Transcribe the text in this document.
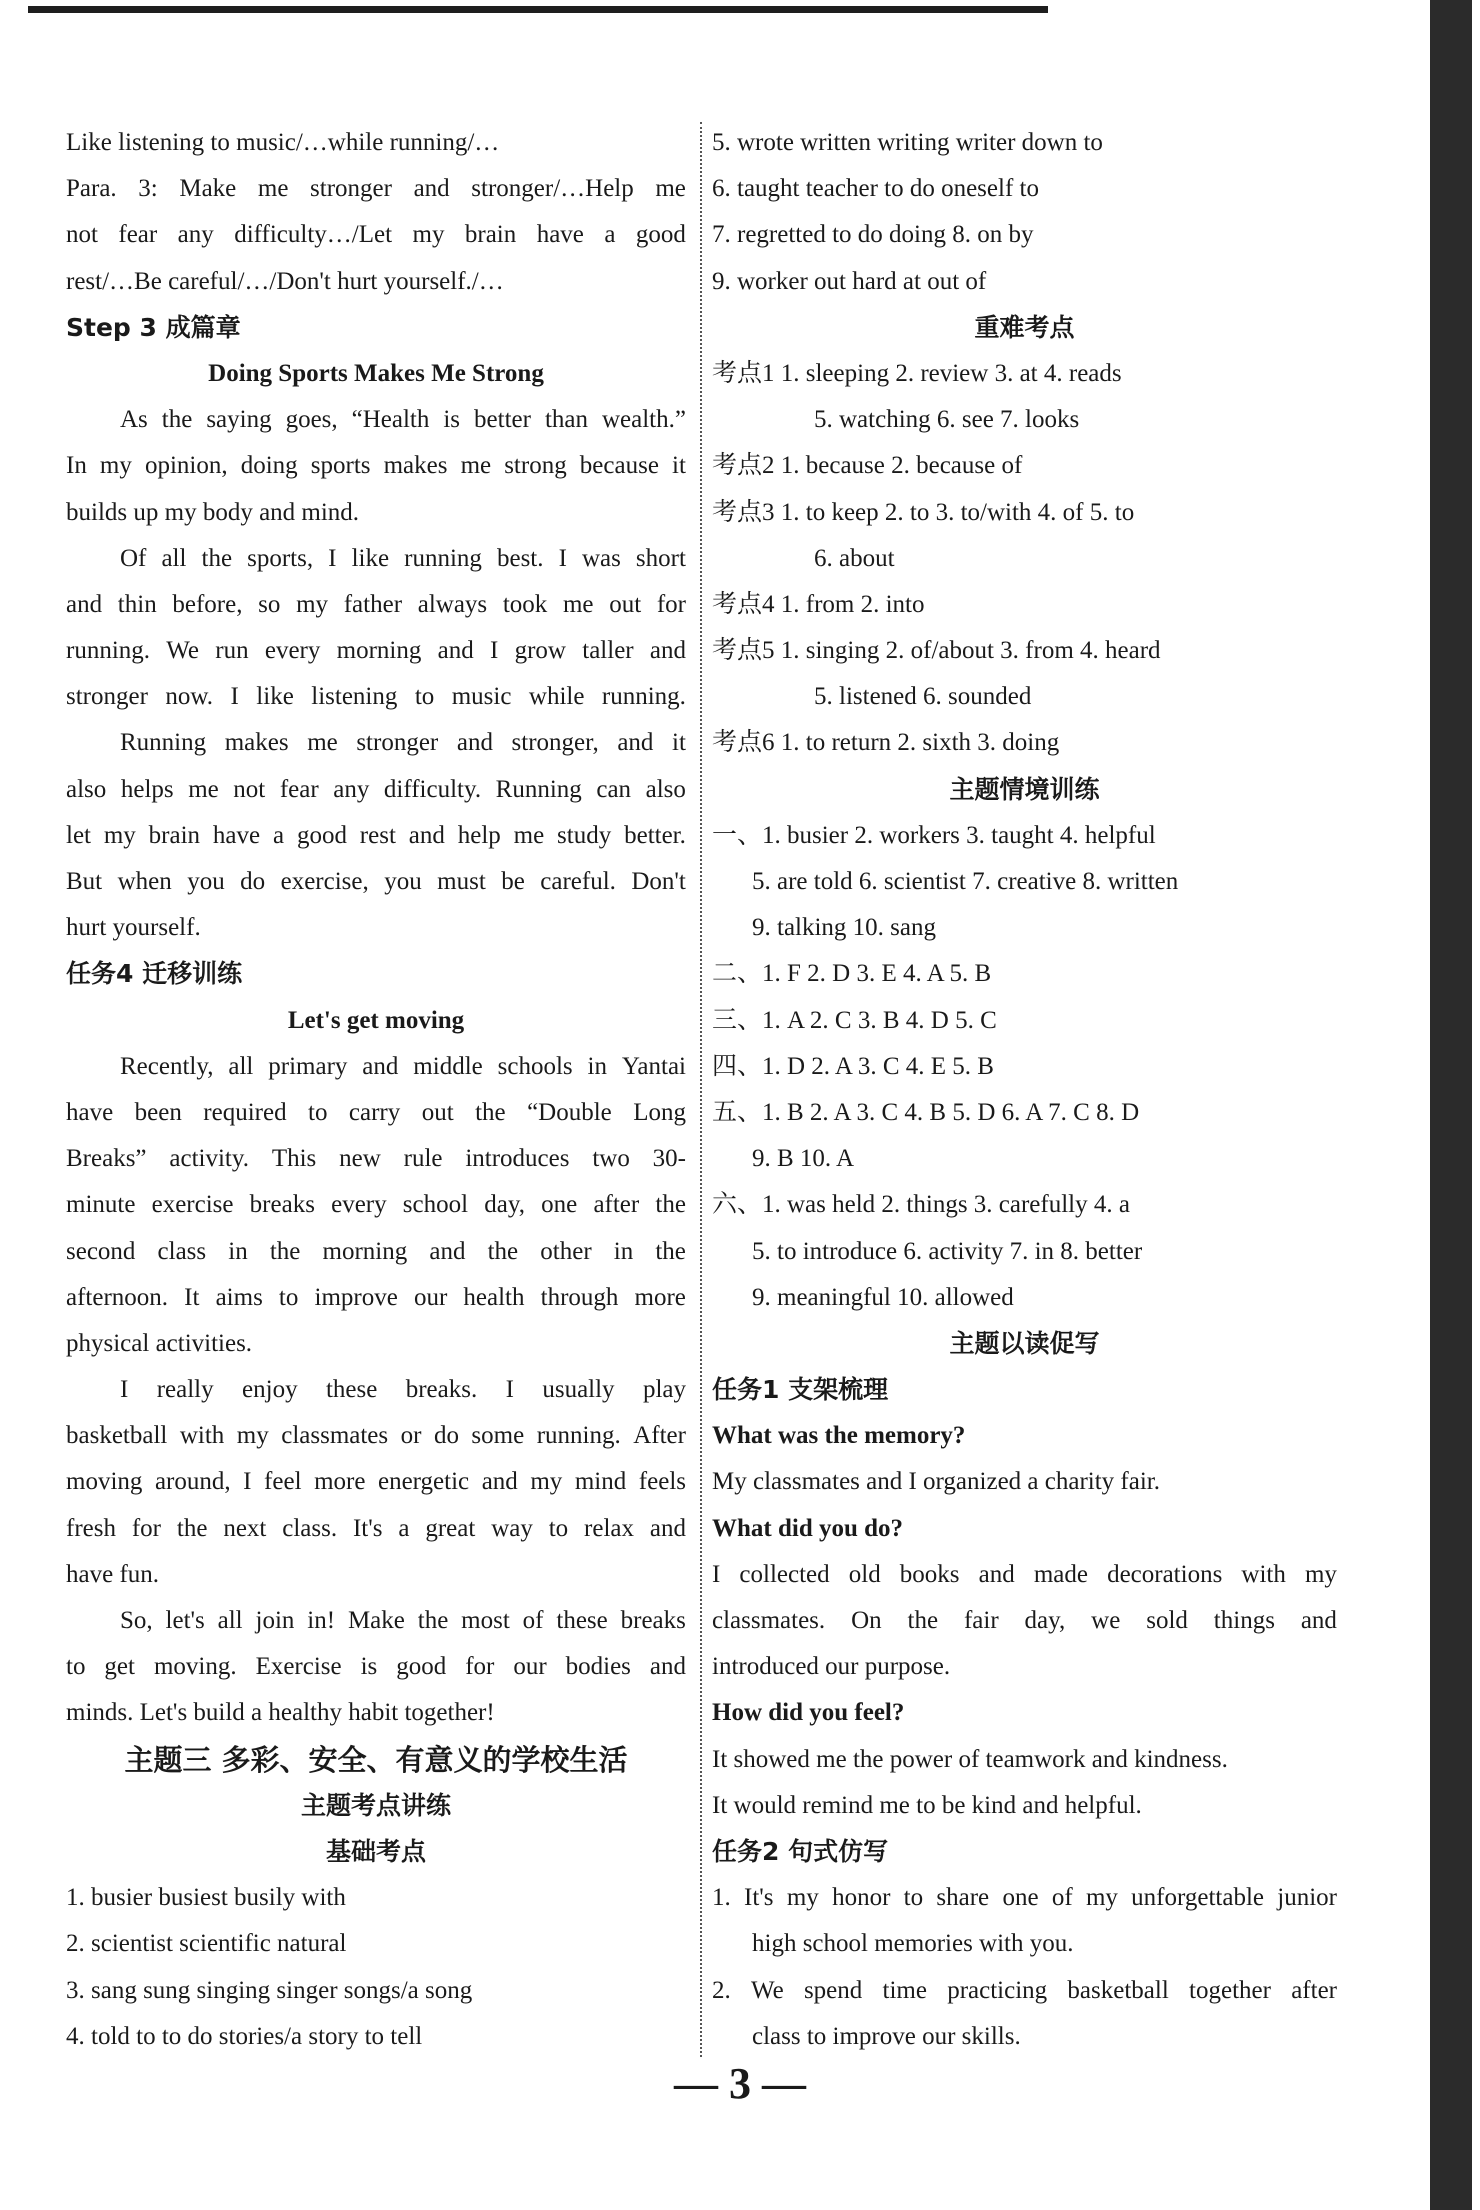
Like listening to music/…while running/…
Para. 3: Make me stronger and stronger/…Help me
not fear any difficulty…/Let my brain have a good
rest/…Be careful/…/Don't hurt yourself./…
Step 3 成篇章
Doing Sports Makes Me Strong
As the saying goes, “Health is better than wealth.”
In my opinion, doing sports makes me strong because it
builds up my body and mind.
Of all the sports, I like running best. I was short
and thin before, so my father always took me out for
running. We run every morning and I grow taller and
stronger now. I like listening to music while running.
Running makes me stronger and stronger, and it
also helps me not fear any difficulty. Running can also
let my brain have a good rest and help me study better.
But when you do exercise, you must be careful. Don't
hurt yourself.
任务4 迁移训练
Let's get moving
Recently, all primary and middle schools in Yantai
have been required to carry out the “Double Long
Breaks” activity. This new rule introduces two 30-
minute exercise breaks every school day, one after the
second class in the morning and the other in the
afternoon. It aims to improve our health through more
physical activities.
I really enjoy these breaks. I usually play
basketball with my classmates or do some running. After
moving around, I feel more energetic and my mind feels
fresh for the next class. It's a great way to relax and
have fun.
So, let's all join in! Make the most of these breaks
to get moving. Exercise is good for our bodies and
minds. Let's build a healthy habit together!
主题三 多彩、安全、有意义的学校生活
主题考点讲练
基础考点
1. busier busiest busily with
2. scientist scientific natural
3. sang sung singing singer songs/a song
4. told to to do stories/a story to tell
5. wrote written writing writer down to
6. taught teacher to do oneself to
7. regretted to do doing 8. on by
9. worker out hard at out of
重难考点
考点1 1. sleeping 2. review 3. at 4. reads
5. watching 6. see 7. looks
考点2 1. because 2. because of
考点3 1. to keep 2. to 3. to/with 4. of 5. to
6. about
考点4 1. from 2. into
考点5 1. singing 2. of/about 3. from 4. heard
5. listened 6. sounded
考点6 1. to return 2. sixth 3. doing
主题情境训练
一、1. busier 2. workers 3. taught 4. helpful
5. are told 6. scientist 7. creative 8. written
9. talking 10. sang
二、1. F 2. D 3. E 4. A 5. B
三、1. A 2. C 3. B 4. D 5. C
四、1. D 2. A 3. C 4. E 5. B
五、1. B 2. A 3. C 4. B 5. D 6. A 7. C 8. D
9. B 10. A
六、1. was held 2. things 3. carefully 4. a
5. to introduce 6. activity 7. in 8. better
9. meaningful 10. allowed
主题以读促写
任务1 支架梳理
What was the memory?
My classmates and I organized a charity fair.
What did you do?
I collected old books and made decorations with my
classmates. On the fair day, we sold things and
introduced our purpose.
How did you feel?
It showed me the power of teamwork and kindness.
It would remind me to be kind and helpful.
任务2 句式仿写
1. It's my honor to share one of my unforgettable junior
high school memories with you.
2. We spend time practicing basketball together after
class to improve our skills.
— 3 —
